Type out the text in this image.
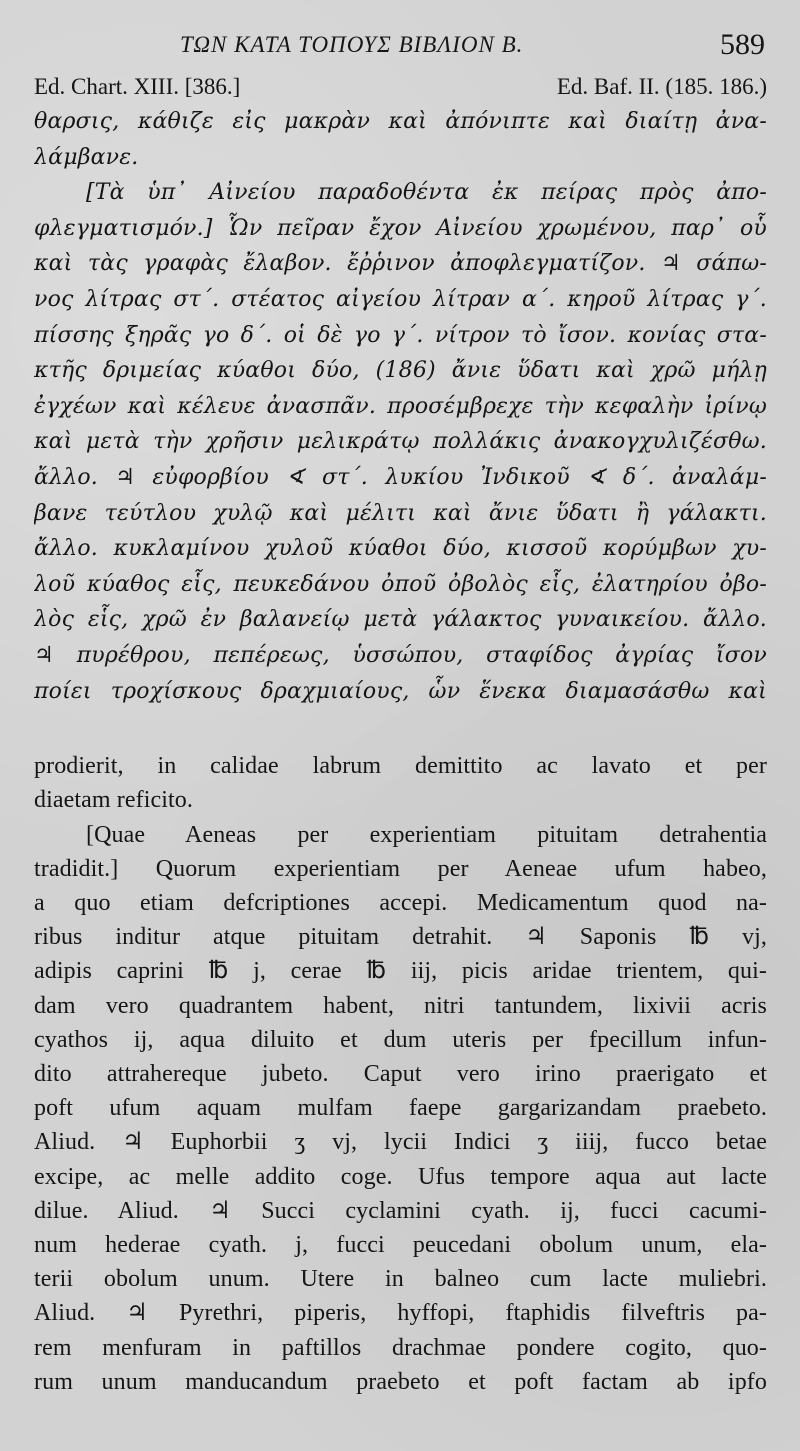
ΤΩΝ ΚΑΤΑ ΤΟΠΟΥΣ ΒΙΒΛΙΟΝ Β.	589
Ed. Chart. XIII. [386.]	Ed. Baf. II. (185. 186.)
θαρσις, κάθιζε εἰς μακρὰν καὶ ἀπόνιπτε καὶ διαίτῃ ἀνα-
λάμβανε.
[Τὰ ὑπ᾽ Αἰνείου παραδοθέντα ἐκ πείρας πρὸς ἀπο-
φλεγματισμόν.] Ὧν πεῖραν ἔχον Αἰνείου χρωμένου, παρ᾽ οὗ
καὶ τὰς γραφὰς ἔλαβον. ἔῤῥινον ἀποφλεγματίζον. ♃ σάπω-
νος λίτρας στ΄. στέατος αἰγείου λίτραν α΄. κηροῦ λίτρας γ΄.
πίσσης ξηρᾶς γο δ΄. οἱ δὲ γο γ΄. νίτρον τὸ ἴσον. κονίας στα-
κτῆς δριμείας κύαθοι δύο, (186) ἄνιε ὕδατι καὶ χρῶ μήλῃ
ἐγχέων καὶ κέλευε ἀνασπᾶν. προσέμβρεχε τὴν κεφαλὴν ἰρίνῳ
καὶ μετὰ τὴν χρῆσιν μελικράτῳ πολλάκις ἀνακογχυλιζέσθω.
ἄλλο. ♃ εὐφορβίου ∢ στ΄. λυκίου Ἰνδικοῦ ∢ δ΄. ἀναλάμ-
βανε τεύτλου χυλῷ καὶ μέλιτι καὶ ἄνιε ὕδατι ἢ γάλακτι.
ἄλλο. κυκλαμίνου χυλοῦ κύαθοι δύο, κισσοῦ κορύμβων χυ-
λοῦ κύαθος εἷς, πευκεδάνου ὀποῦ ὀβολὸς εἷς, ἐλατηρίου ὀβο-
λὸς εἷς, χρῶ ἐν βαλανείῳ μετὰ γάλακτος γυναικείου. ἄλλο.
♃ πυρέθρου, πεπέρεως, ὑσσώπου, σταφίδος ἀγρίας ἴσον
ποίει τροχίσκους δραχμιαίους, ὧν ἕνεκα διαμασάσθω καὶ
prodierit, in calidae labrum demittito ac lavato et per
diaetam reficito.
[Quae Aeneas per experientiam pituitam detrahentia
tradidit.] Quorum experientiam per Aeneae ufum habeo,
a quo etiam defcriptiones accepi. Medicamentum quod na-
ribus inditur atque pituitam detrahit. ♃ Saponis ℔ vj,
adipis caprini ℔ j, cerae ℔ iij, picis aridae trientem, qui-
dam vero quadrantem habent, nitri tantundem, lixivii acris
cyathos ij, aqua diluito et dum uteris per fpecillum infun-
dito attrahereque jubeto. Caput vero irino praerigato et
poft ufum aquam mulfam faepe gargarizandam praebeto.
Aliud. ♃ Euphorbii ʒ vj, lycii Indici ʒ iiij, fucco betae
excipe, ac melle addito coge. Ufus tempore aqua aut lacte
dilue. Aliud. ♃ Succi cyclamini cyath. ij, fucci cacumi-
num hederae cyath. j, fucci peucedani obolum unum, ela-
terii obolum unum. Utere in balneo cum lacte muliebri.
Aliud. ♃ Pyrethri, piperis, hyffopi, ftaphidis filveftris pa-
rem menfuram in paftillos drachmae pondere cogito, quo-
rum unum manducandum praebeto et poft factam ab ipfo
